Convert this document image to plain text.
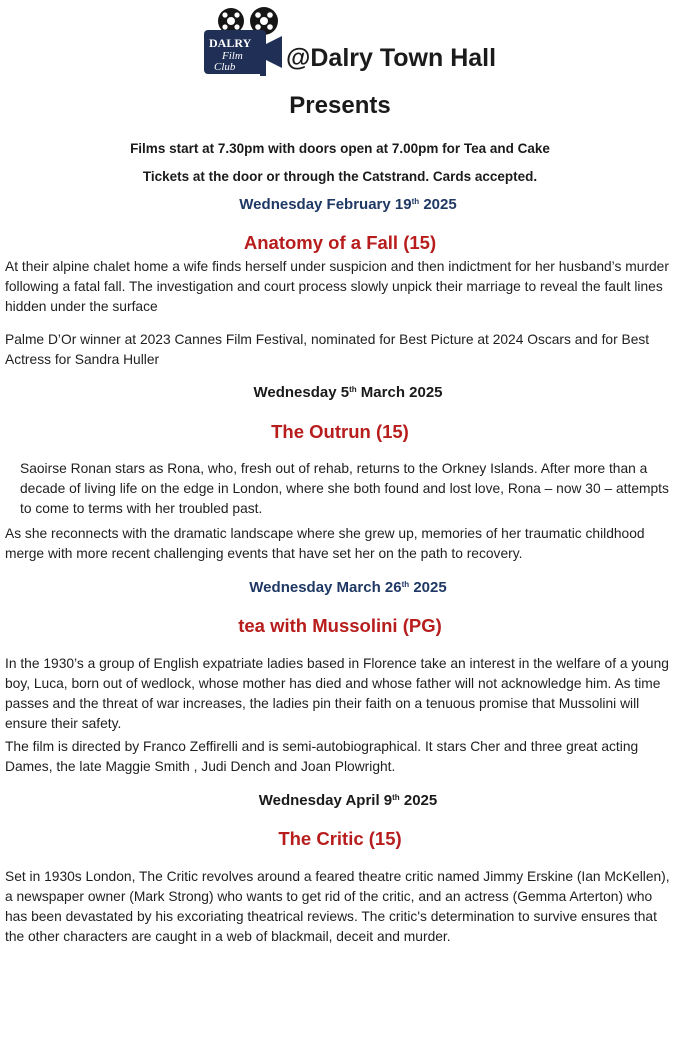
DALRY
Film
Club @Dalry Town Hall
Presents
Films start at 7.30pm with doors open at 7.00pm for Tea and Cake
Tickets at the door or through the Catstrand. Cards accepted.
Wednesday February 19th 2025
Anatomy of a Fall (15)
At their alpine chalet home a wife finds herself under suspicion and then indictment for her husband’s murder following a fatal fall. The investigation and court process slowly unpick their marriage to reveal the fault lines hidden under the surface
Palme D’Or winner at 2023 Cannes Film Festival, nominated for Best Picture at 2024 Oscars and for Best Actress for Sandra Huller
Wednesday 5th March 2025
The Outrun (15)
Saoirse Ronan stars as Rona, who, fresh out of rehab, returns to the Orkney Islands. After more than a decade of living life on the edge in London, where she both found and lost love, Rona – now 30 – attempts to come to terms with her troubled past.
As she reconnects with the dramatic landscape where she grew up, memories of her traumatic childhood merge with more recent challenging events that have set her on the path to recovery.
Wednesday March 26th 2025
tea with Mussolini (PG)
In the 1930’s a group of English expatriate ladies based in Florence take an interest in the welfare of a young boy, Luca, born out of wedlock, whose mother has died and whose father will not acknowledge him. As time passes and the threat of war increases, the ladies pin their faith on a tenuous promise that Mussolini will ensure their safety.
The film is directed by Franco Zeffirelli and is semi-autobiographical. It stars Cher and three great acting Dames, the late Maggie Smith , Judi Dench and Joan Plowright.
Wednesday April 9th 2025
The Critic (15)
Set in 1930s London, The Critic revolves around a feared theatre critic named Jimmy Erskine (Ian McKellen), a newspaper owner (Mark Strong) who wants to get rid of the critic, and an actress (Gemma Arterton) who has been devastated by his excoriating theatrical reviews. The critic's determination to survive ensures that the other characters are caught in a web of blackmail, deceit and murder.
